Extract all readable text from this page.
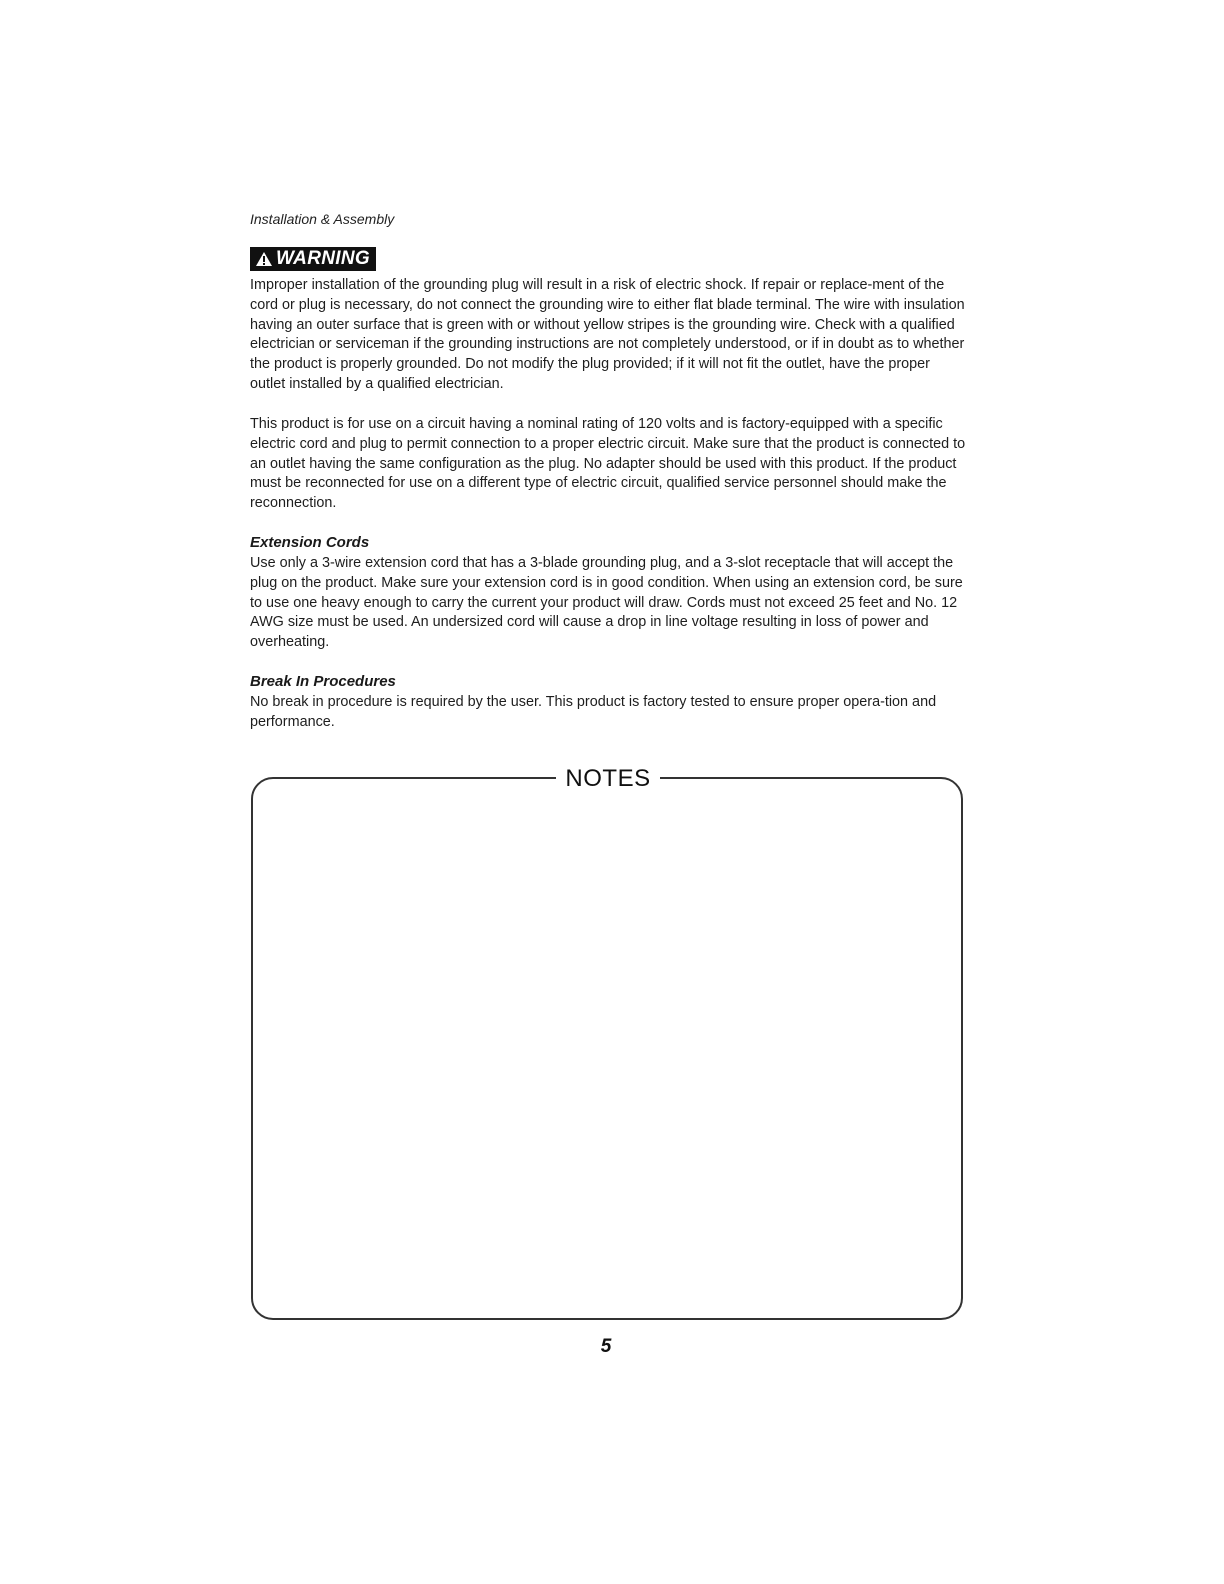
Installation & Assembly
WARNING

Improper installation of the grounding plug will result in a risk of electric shock. If repair or replace-ment of the cord or plug is necessary, do not connect the grounding wire to either flat blade terminal. The wire with insulation having an outer surface that is green with or without yellow stripes is the grounding wire. Check with a qualified electrician or serviceman if the grounding instructions are not completely understood, or if in doubt as to whether the product is properly grounded. Do not modify the plug provided; if it will not fit the outlet, have the proper outlet installed by a qualified electrician.

This product is for use on a circuit having a nominal rating of 120 volts and is factory-equipped with a specific electric cord and plug to permit connection to a proper electric circuit. Make sure that the product is connected to an outlet having the same configuration as the plug. No adapter should be used with this product. If the product must be reconnected for use on a different type of electric circuit, qualified service personnel should make the reconnection.

Extension Cords

Use only a 3-wire extension cord that has a 3-blade grounding plug, and a 3-slot receptacle that will accept the plug on the product. Make sure your extension cord is in good condition. When using an extension cord, be sure to use one heavy enough to carry the current your product will draw. Cords must not exceed 25 feet and No. 12 AWG size must be used. An undersized cord will cause a drop in line voltage resulting in loss of power and overheating.

Break In Procedures

No break in procedure is required by the user. This product is factory tested to ensure proper opera-tion and performance.

NOTES
5
